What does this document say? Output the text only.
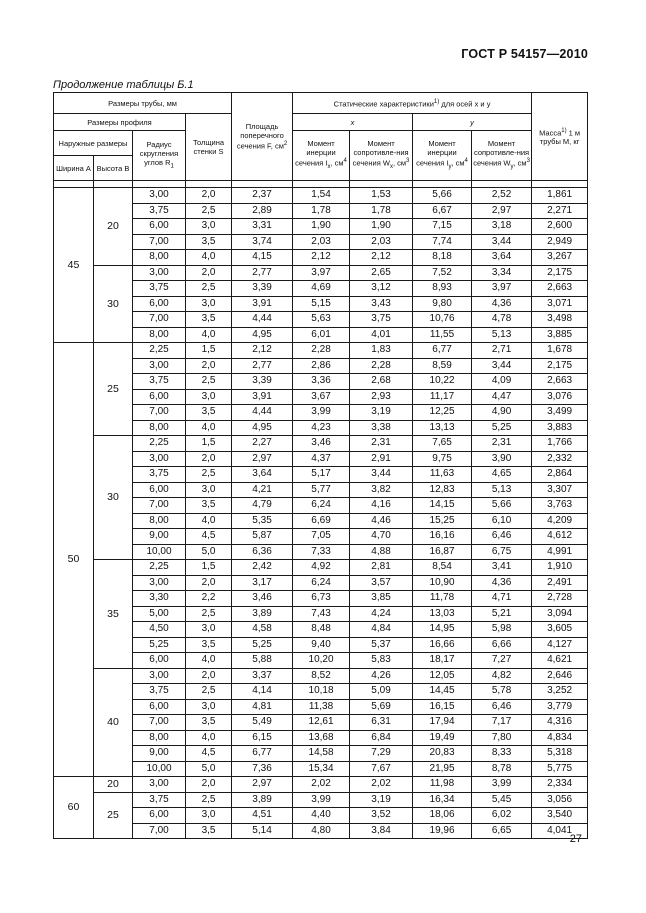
ГОСТ Р 54157—2010
Продолжение таблицы Б.1
Размеры трубы, мм				Площадь поперечного сечения F, $см^2$	Статические характеристики$^{1)}$ для осей x и y				Масса$^{1)}$ 1 м трубы M, кг
Размеры профиля			Толщина стенки S		x		y		
Наружные размеры		Радиус скругления углов $R_1$			Момент инерции сечения $I_x$, $см^4$	Момент сопротивле-ния сечения $W_x$, $см^3$	Момент инерции сечения $I_y$, $см^4$	Момент сопротивле-ния сечения $W_y$, $см^3$
Ширина A	Высота B								

45	20	3,00	2,0	2,37	1,54	1,53	5,66	2,52	1,861
		3,75	2,5	2,89	1,78	1,78	6,67	2,97	2,271
		6,00	3,0	3,31	1,90	1,90	7,15	3,18	2,600
		7,00	3,5	3,74	2,03	2,03	7,74	3,44	2,949
		8,00	4,0	4,15	2,12	2,12	8,18	3,64	3,267
	30	3,00	2,0	2,77	3,97	2,65	7,52	3,34	2,175
		3,75	2,5	3,39	4,69	3,12	8,93	3,97	2,663
		6,00	3,0	3,91	5,15	3,43	9,80	4,36	3,071
		7,00	3,5	4,44	5,63	3,75	10,76	4,78	3,498
		8,00	4,0	4,95	6,01	4,01	11,55	5,13	3,885
50	25	2,25	1,5	2,12	2,28	1,83	6,77	2,71	1,678
		3,00	2,0	2,77	2,86	2,28	8,59	3,44	2,175
		3,75	2,5	3,39	3,36	2,68	10,22	4,09	2,663
		6,00	3,0	3,91	3,67	2,93	11,17	4,47	3,076
		7,00	3,5	4,44	3,99	3,19	12,25	4,90	3,499
		8,00	4,0	4,95	4,23	3,38	13,13	5,25	3,883
	30	2,25	1,5	2,27	3,46	2,31	7,65	2,31	1,766
		3,00	2,0	2,97	4,37	2,91	9,75	3,90	2,332
		3,75	2,5	3,64	5,17	3,44	11,63	4,65	2,864
		6,00	3,0	4,21	5,77	3,82	12,83	5,13	3,307
		7,00	3,5	4,79	6,24	4,16	14,15	5,66	3,763
		8,00	4,0	5,35	6,69	4,46	15,25	6,10	4,209
		9,00	4,5	5,87	7,05	4,70	16,16	6,46	4,612
		10,00	5,0	6,36	7,33	4,88	16,87	6,75	4,991
	35	2,25	1,5	2,42	4,92	2,81	8,54	3,41	1,910
		3,00	2,0	3,17	6,24	3,57	10,90	4,36	2,491
		3,30	2,2	3,46	6,73	3,85	11,78	4,71	2,728
		5,00	2,5	3,89	7,43	4,24	13,03	5,21	3,094
		4,50	3,0	4,58	8,48	4,84	14,95	5,98	3,605
		5,25	3,5	5,25	9,40	5,37	16,66	6,66	4,127
		6,00	4,0	5,88	10,20	5,83	18,17	7,27	4,621
	40	3,00	2,0	3,37	8,52	4,26	12,05	4,82	2,646
		3,75	2,5	4,14	10,18	5,09	14,45	5,78	3,252
		6,00	3,0	4,81	11,38	5,69	16,15	6,46	3,779
		7,00	3,5	5,49	12,61	6,31	17,94	7,17	4,316
		8,00	4,0	6,15	13,68	6,84	19,49	7,80	4,834
		9,00	4,5	6,77	14,58	7,29	20,83	8,33	5,318
		10,00	5,0	7,36	15,34	7,67	21,95	8,78	5,775
60	20	3,00	2,0	2,97	2,02	2,02	11,98	3,99	2,334
	25	3,75	2,5	3,89	3,99	3,19	16,34	5,45	3,056
		6,00	3,0	4,51	4,40	3,52	18,06	6,02	3,540
		7,00	3,5	5,14	4,80	3,84	19,96	6,65	4,041
27
